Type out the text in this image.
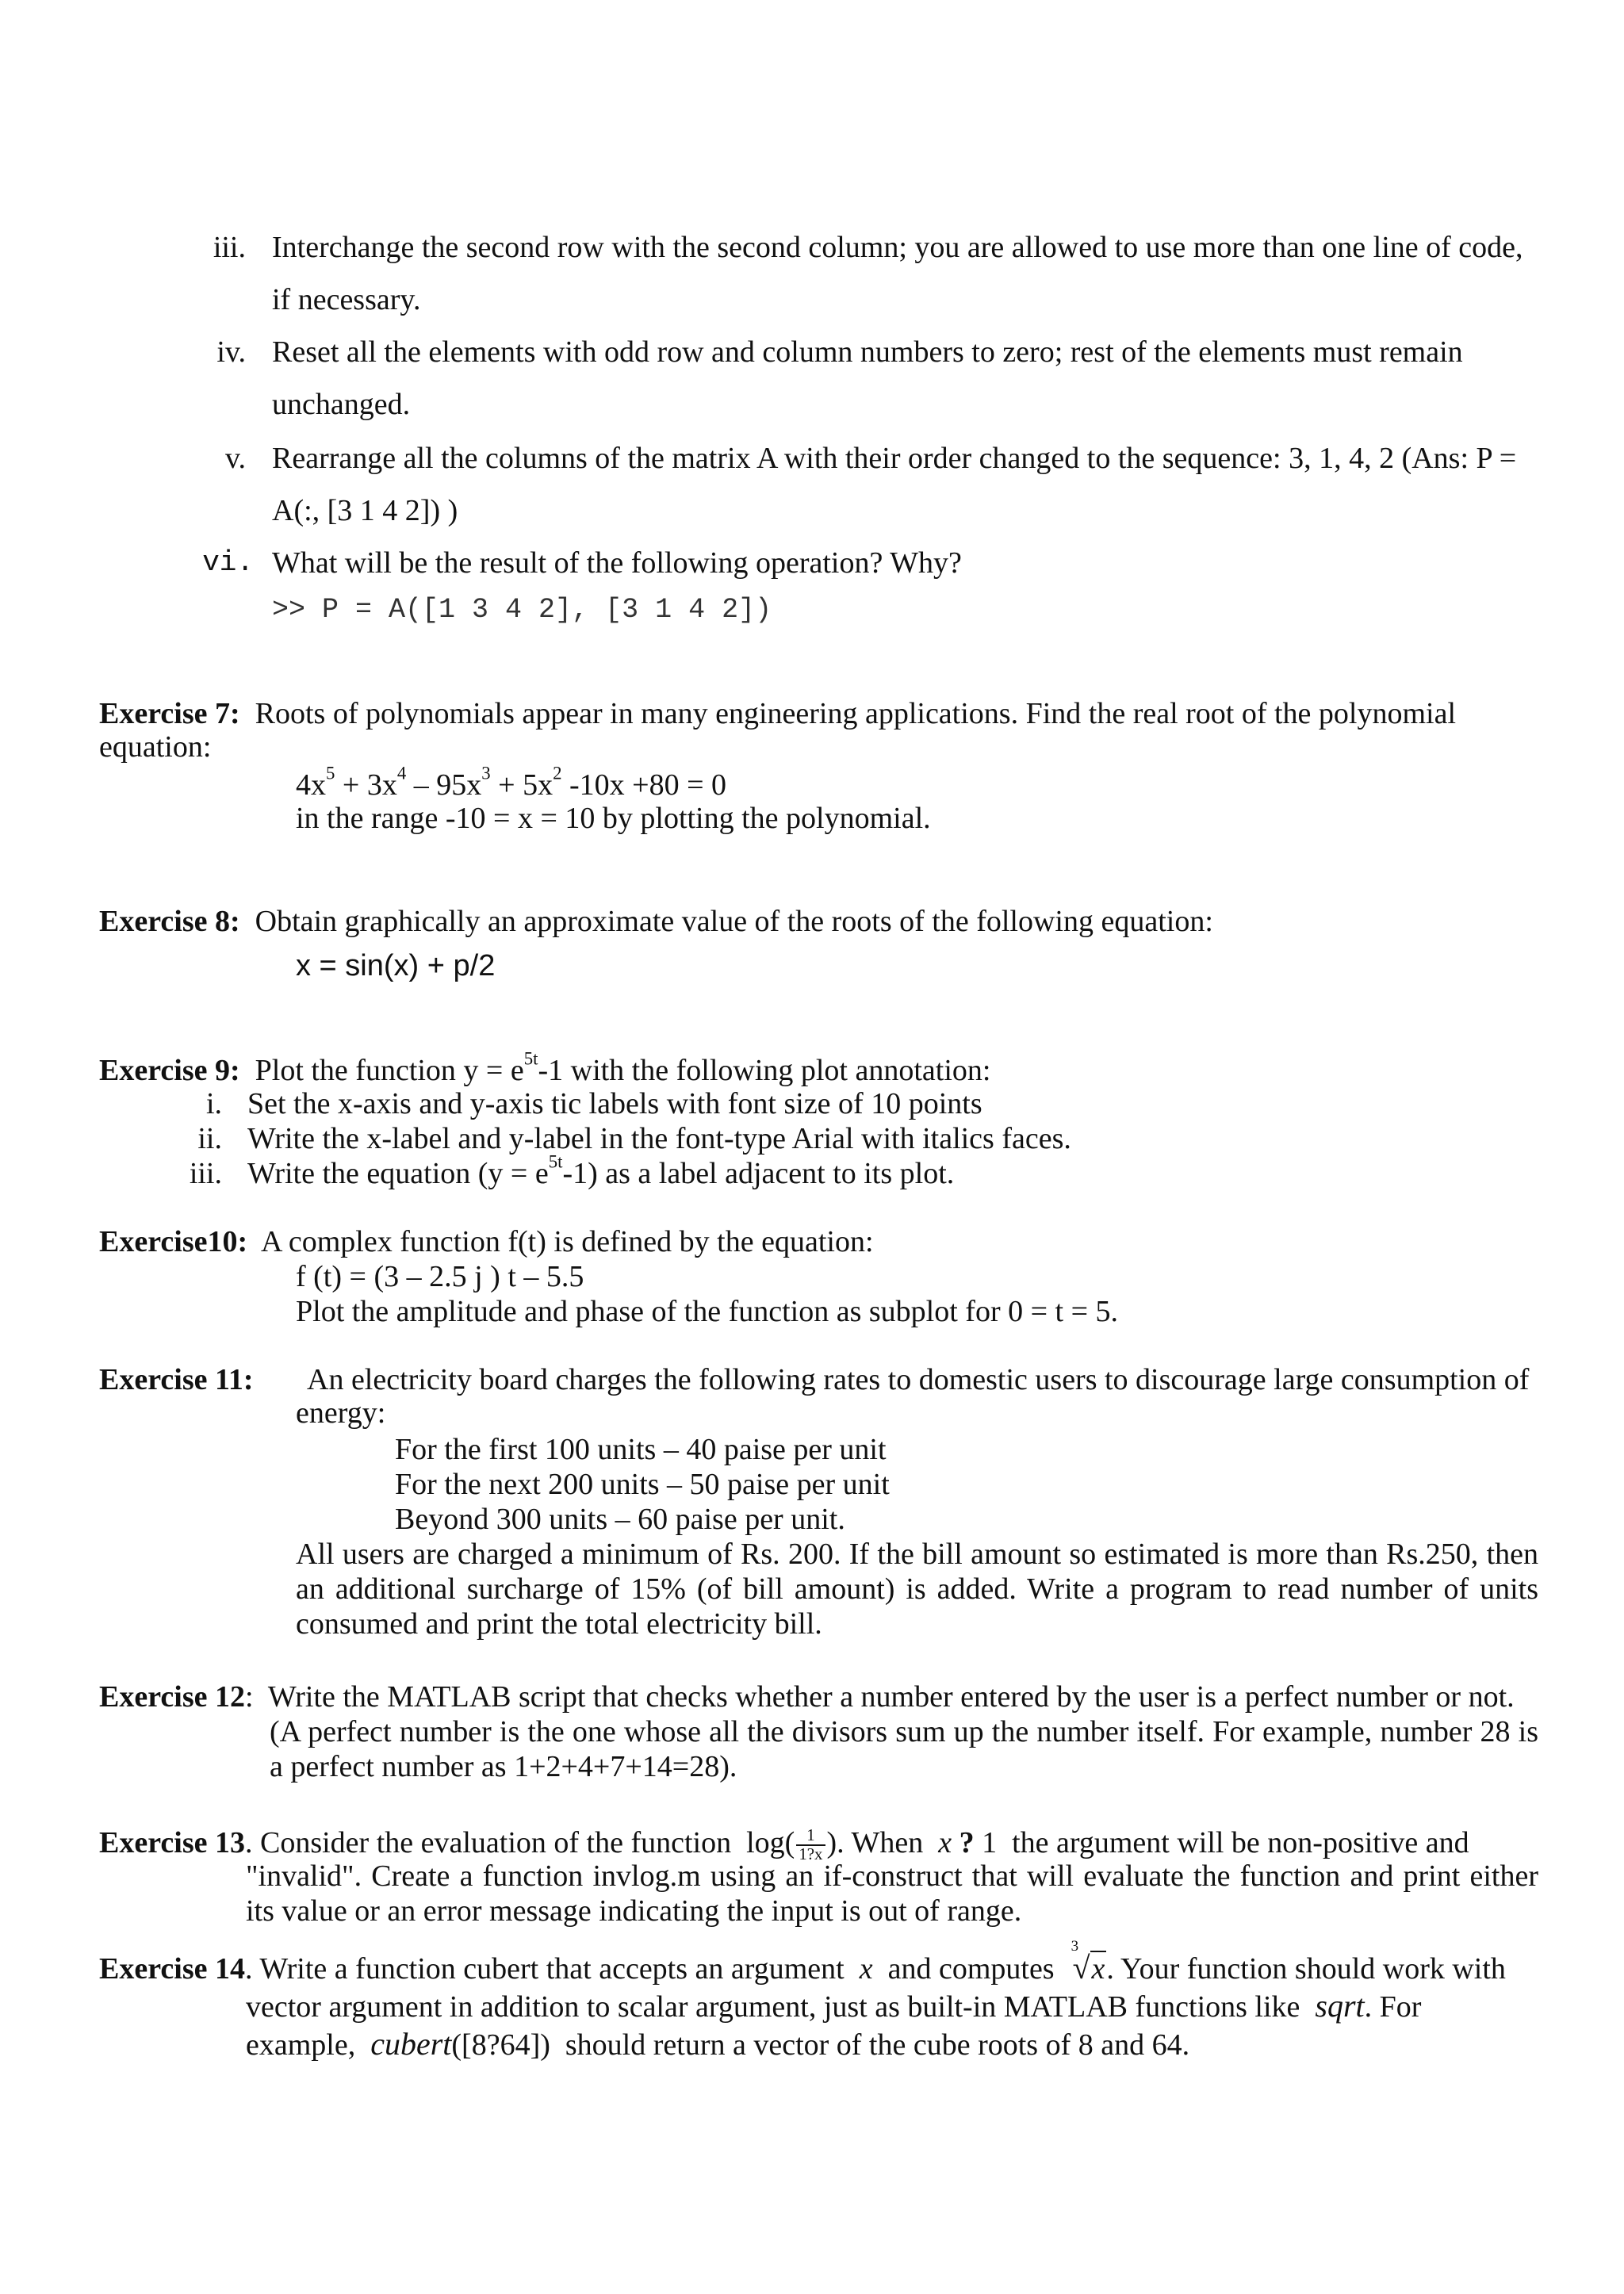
iii. Interchange the second row with the second column; you are allowed to use more than one line of code,
if necessary.
iv. Reset all the elements with odd row and column numbers to zero; rest of the elements must remain
unchanged.
v. Rearrange all the columns of the matrix A with their order changed to the sequence: 3, 1, 4, 2 (Ans: P =
A(:, [3 1 4 2]) )
vi. What will be the result of the following operation? Why?
>> P = A([1 3 4 2], [3 1 4 2])
Exercise 7: Roots of polynomials appear in many engineering applications. Find the real root of the polynomial
equation:
$4x^5 + 3x^4 - 95x^3 + 5x^2$ -10x +80 = 0
in the range -10 = x = 10 by plotting the polynomial.
Exercise 8: Obtain graphically an approximate value of the roots of the following equation:
x = sin(x) + p/2
Exercise 9: Plot the function $y = e^{5t}-1$ with the following plot annotation:
i. Set the x-axis and y-axis tic labels with font size of 10 points
ii. Write the x-label and y-label in the font-type Arial with italics faces.
iii. Write the equation $(y = e^{5t}-1)$ as a label adjacent to its plot.
Exercise10: A complex function f(t) is defined by the equation:
f (t) = (3 – 2.5 j ) t – 5.5
Plot the amplitude and phase of the function as subplot for 0 = t = 5.
Exercise 11: An electricity board charges the following rates to domestic users to discourage large consumption of
energy:
For the first 100 units – 40 paise per unit
For the next 200 units – 50 paise per unit
Beyond 300 units – 60 paise per unit.
All users are charged a minimum of Rs. 200. If the bill amount so estimated is more than Rs.250, then an additional surcharge of 15% (of bill amount) is added. Write a program to read number of units consumed and print the total electricity bill.
Exercise 12: Write the MATLAB script that checks whether a number entered by the user is a perfect number or not.
(A perfect number is the one whose all the divisors sum up the number itself. For example, number 28 is a perfect number as 1+2+4+7+14=28).
Exercise 13. Consider the evaluation of the function $\log( \frac{1}{1?x}$ ). When x ? 1 the argument will be non-positive and
"invalid". Create a function invlog.m using an if-construct that will evaluate the function and print either its value or an error message indicating the input is out of range.
Exercise 14. Write a function cubert that accepts an argument x and computes
3
√x. Your function should work with
vector argument in addition to scalar argument, just as built-in MATLAB functions like sqrt. For
example, cubert([8?64]) should return a vector of the cube roots of 8 and 64.
